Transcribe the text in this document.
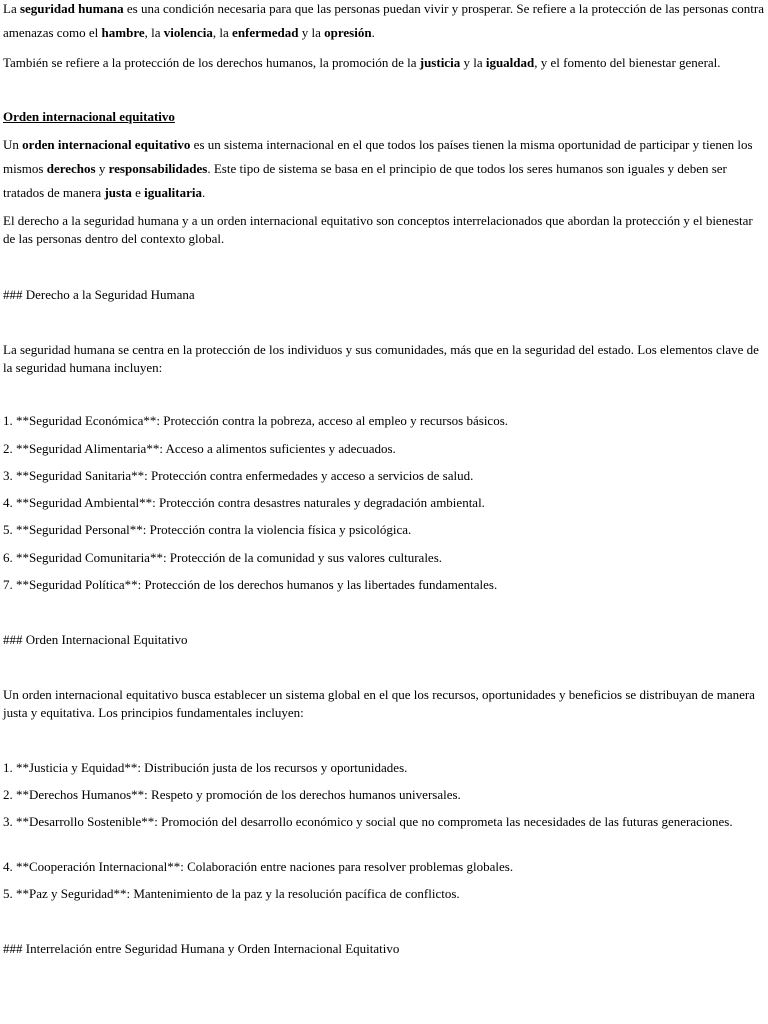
La seguridad humana es una condición necesaria para que las personas puedan vivir y prosperar. Se refiere a la protección de las personas contra amenazas como el hambre, la violencia, la enfermedad y la opresión.

También se refiere a la protección de los derechos humanos, la promoción de la justicia y la igualdad, y el fomento del bienestar general.

Orden internacional equitativo

Un orden internacional equitativo es un sistema internacional en el que todos los países tienen la misma oportunidad de participar y tienen los mismos derechos y responsabilidades. Este tipo de sistema se basa en el principio de que todos los seres humanos son iguales y deben ser tratados de manera justa e igualitaria.

El derecho a la seguridad humana y a un orden internacional equitativo son conceptos interrelacionados que abordan la protección y el bienestar de las personas dentro del contexto global.

### Derecho a la Seguridad Humana

La seguridad humana se centra en la protección de los individuos y sus comunidades, más que en la seguridad del estado. Los elementos clave de la seguridad humana incluyen:

1. **Seguridad Económica**: Protección contra la pobreza, acceso al empleo y recursos básicos.

2. **Seguridad Alimentaria**: Acceso a alimentos suficientes y adecuados.

3. **Seguridad Sanitaria**: Protección contra enfermedades y acceso a servicios de salud.

4. **Seguridad Ambiental**: Protección contra desastres naturales y degradación ambiental.

5. **Seguridad Personal**: Protección contra la violencia física y psicológica.

6. **Seguridad Comunitaria**: Protección de la comunidad y sus valores culturales.

7. **Seguridad Política**: Protección de los derechos humanos y las libertades fundamentales.

### Orden Internacional Equitativo

Un orden internacional equitativo busca establecer un sistema global en el que los recursos, oportunidades y beneficios se distribuyan de manera justa y equitativa. Los principios fundamentales incluyen:

1. **Justicia y Equidad**: Distribución justa de los recursos y oportunidades.

2. **Derechos Humanos**: Respeto y promoción de los derechos humanos universales.

3. **Desarrollo Sostenible**: Promoción del desarrollo económico y social que no comprometa las necesidades de las futuras generaciones.

4. **Cooperación Internacional**: Colaboración entre naciones para resolver problemas globales.

5. **Paz y Seguridad**: Mantenimiento de la paz y la resolución pacífica de conflictos.

### Interrelación entre Seguridad Humana y Orden Internacional Equitativo
